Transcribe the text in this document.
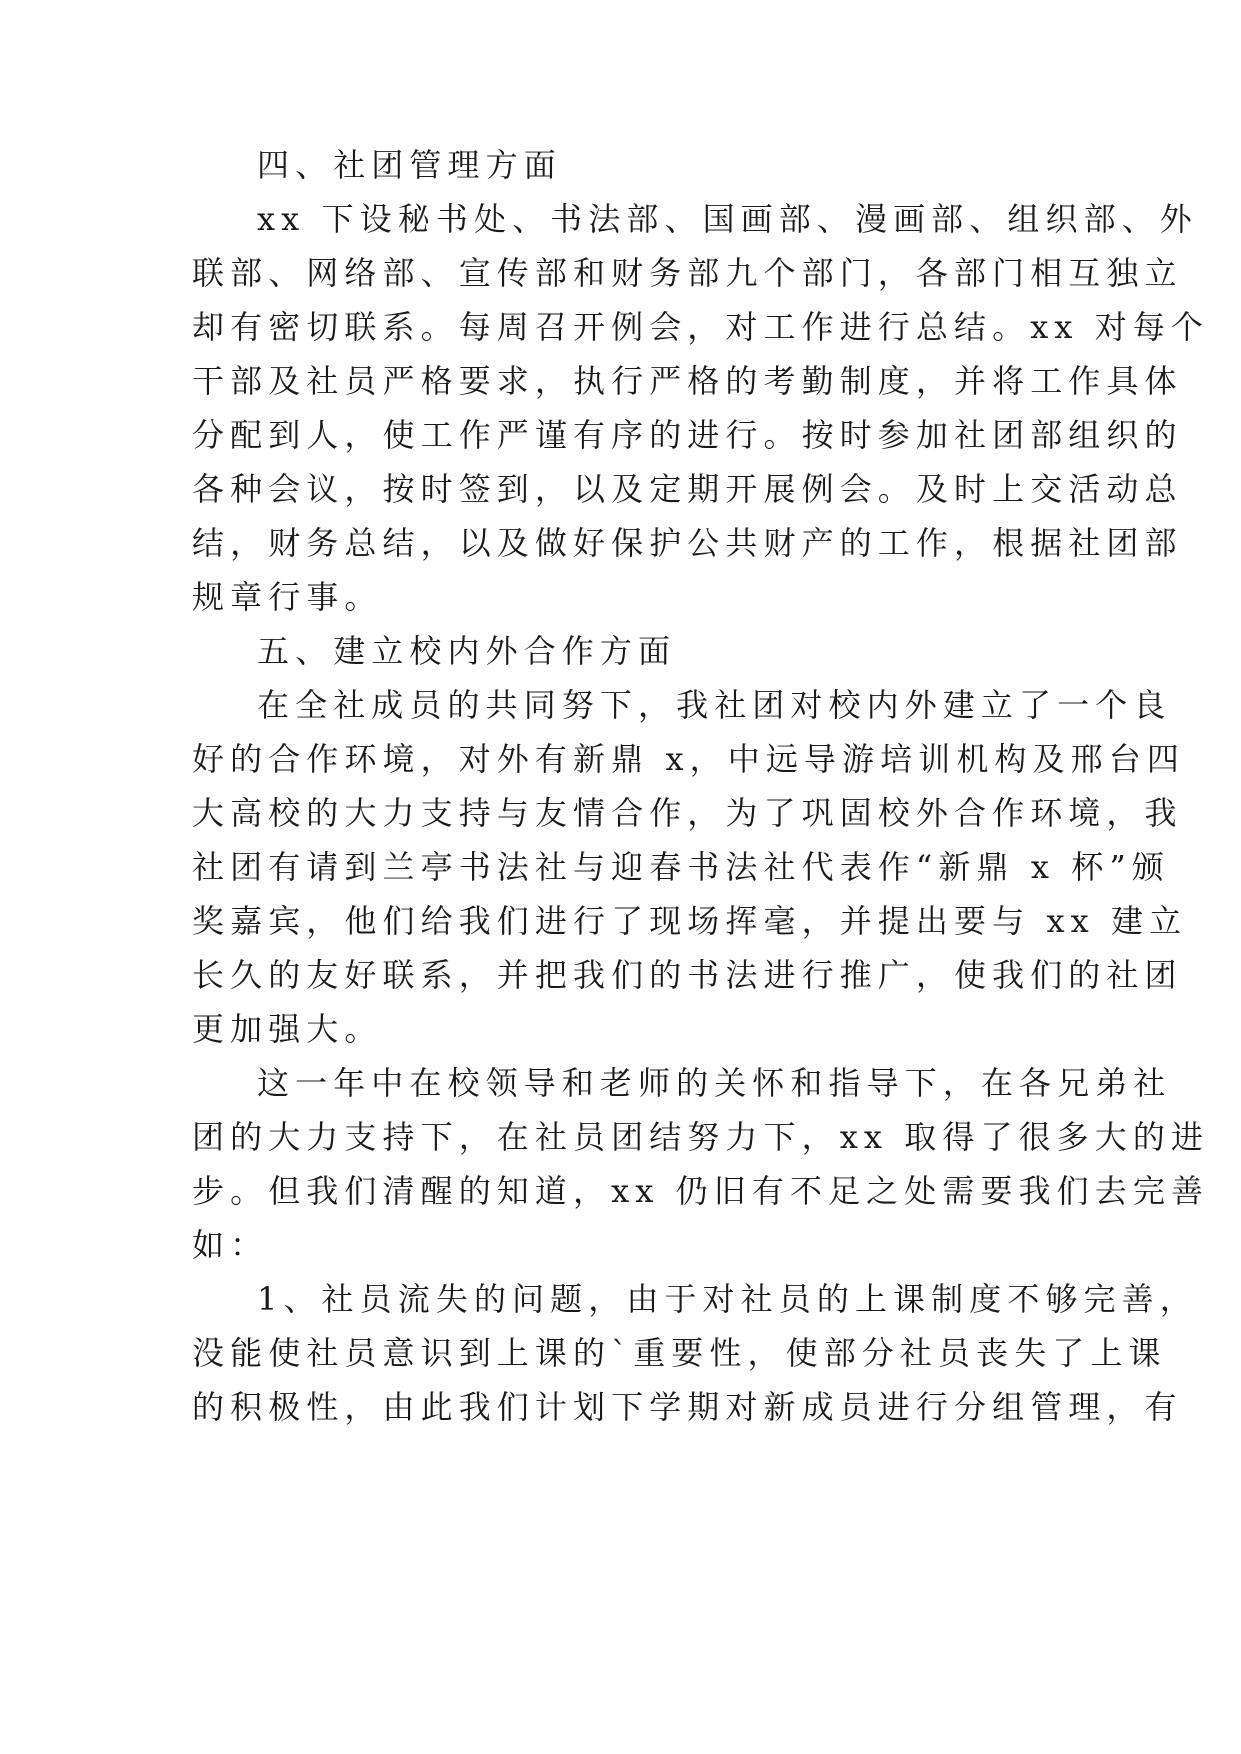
四、社团管理方面

xx 下设秘书处、书法部、国画部、漫画部、组织部、外

联部、网络部、宣传部和财务部九个部门，各部门相互独立

却有密切联系。每周召开例会，对工作进行总结。xx 对每个

干部及社员严格要求，执行严格的考勤制度，并将工作具体

分配到人，使工作严谨有序的进行。按时参加社团部组织的

各种会议，按时签到，以及定期开展例会。及时上交活动总

结，财务总结，以及做好保护公共财产的工作，根据社团部

规章行事。

五、建立校内外合作方面

在全社成员的共同努下，我社团对校内外建立了一个良

好的合作环境，对外有新鼎 x，中远导游培训机构及邢台四

大高校的大力支持与友情合作，为了巩固校外合作环境，我

社团有请到兰亭书法社与迎春书法社代表作“新鼎 x 杯”颁

奖嘉宾，他们给我们进行了现场挥毫，并提出要与 xx 建立

长久的友好联系，并把我们的书法进行推广，使我们的社团

更加强大。

这一年中在校领导和老师的关怀和指导下，在各兄弟社

团的大力支持下，在社员团结努力下，xx 取得了很多大的进

步。但我们清醒的知道，xx 仍旧有不足之处需要我们去完善

如：

1、社员流失的问题，由于对社员的上课制度不够完善，

没能使社员意识到上课的`重要性，使部分社员丧失了上课

的积极性，由此我们计划下学期对新成员进行分组管理，有
